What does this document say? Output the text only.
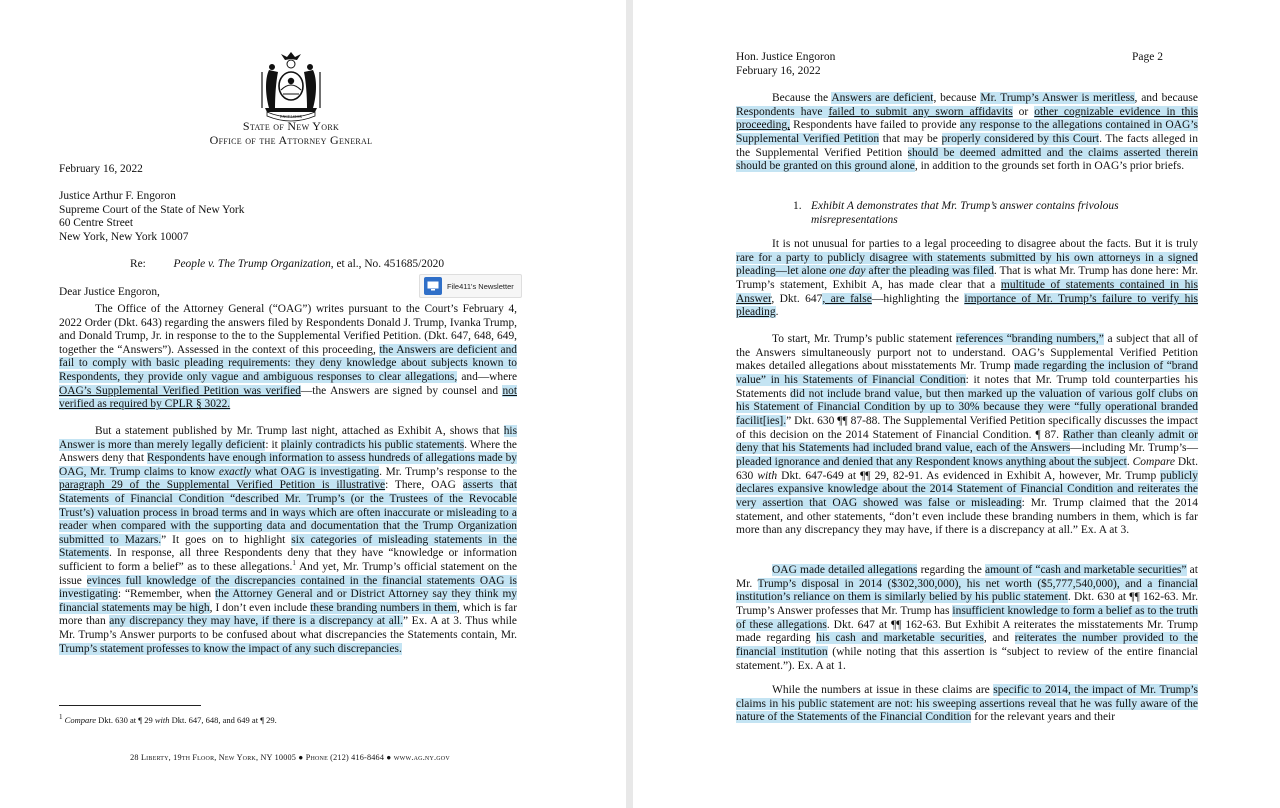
EXCELSIOR
State of New York
Office of the Attorney General
February 16, 2022
Justice Arthur F. Engoron
Supreme Court of the State of New York
60 Centre Street
New York, New York 10007
Re: People v. The Trump Organization, et al., No. 451685/2020
File411's Newsletter
Dear Justice Engoron,
The Office of the Attorney General (“OAG”) writes pursuant to the Court’s February 4, 2022 Order (Dkt. 643) regarding the answers filed by Respondents Donald J. Trump, Ivanka Trump, and Donald Trump, Jr. in response to the to the Supplemental Verified Petition. (Dkt. 647, 648, 649, together the “Answers”). Assessed in the context of this proceeding, the Answers are deficient and fail to comply with basic pleading requirements: they deny knowledge about subjects known to Respondents, they provide only vague and ambiguous responses to clear allegations, and—where OAG’s Supplemental Verified Petition was verified—the Answers are signed by counsel and not verified as required by CPLR § 3022.
But a statement published by Mr. Trump last night, attached as Exhibit A, shows that his Answer is more than merely legally deficient: it plainly contradicts his public statements. Where the Answers deny that Respondents have enough information to assess hundreds of allegations made by OAG, Mr. Trump claims to know exactly what OAG is investigating. Mr. Trump’s response to the paragraph 29 of the Supplemental Verified Petition is illustrative: There, OAG asserts that Statements of Financial Condition “described Mr. Trump’s (or the Trustees of the Revocable Trust’s) valuation process in broad terms and in ways which are often inaccurate or misleading to a reader when compared with the supporting data and documentation that the Trump Organization submitted to Mazars.” It goes on to highlight six categories of misleading statements in the Statements. In response, all three Respondents deny that they have “knowledge or information sufficient to form a belief” as to these allegations.$^1$ And yet, Mr. Trump’s official statement on the issue evinces full knowledge of the discrepancies contained in the financial statements OAG is investigating: “Remember, when the Attorney General and or District Attorney say they think my financial statements may be high, I don’t even include these branding numbers in them, which is far more than any discrepancy they may have, if there is a discrepancy at all.” Ex. A at 3. Thus while Mr. Trump’s Answer purports to be confused about what discrepancies the Statements contain, Mr. Trump’s statement professes to know the impact of any such discrepancies.
$^1$ Compare Dkt. 630 at ¶ 29 with Dkt. 647, 648, and 649 at ¶ 29.
28 Liberty, 19th Floor, New York, NY 10005 ● Phone (212) 416-8464 ● www.ag.ny.gov
Hon. Justice Engoron
February 16, 2022
Page 2
Because the Answers are deficient, because Mr. Trump’s Answer is meritless, and because Respondents have failed to submit any sworn affidavits or other cognizable evidence in this proceeding, Respondents have failed to provide any response to the allegations contained in OAG’s Supplemental Verified Petition that may be properly considered by this Court. The facts alleged in the Supplemental Verified Petition should be deemed admitted and the claims asserted therein should be granted on this ground alone, in addition to the grounds set forth in OAG’s prior briefs.
1. Exhibit A demonstrates that Mr. Trump’s answer contains frivolous misrepresentations
It is not unusual for parties to a legal proceeding to disagree about the facts. But it is truly rare for a party to publicly disagree with statements submitted by his own attorneys in a signed pleading—let alone one day after the pleading was filed. That is what Mr. Trump has done here: Mr. Trump’s statement, Exhibit A, has made clear that a multitude of statements contained in his Answer, Dkt. 647, are false—highlighting the importance of Mr. Trump’s failure to verify his pleading.
To start, Mr. Trump’s public statement references “branding numbers,” a subject that all of the Answers simultaneously purport not to understand. OAG’s Supplemental Verified Petition makes detailed allegations about misstatements Mr. Trump made regarding the inclusion of “brand value” in his Statements of Financial Condition: it notes that Mr. Trump told counterparties his Statements did not include brand value, but then marked up the valuation of various golf clubs on his Statement of Financial Condition by up to 30% because they were “fully operational branded facilit[ies].” Dkt. 630 ¶¶ 87-88. The Supplemental Verified Petition specifically discusses the impact of this decision on the 2014 Statement of Financial Condition. ¶ 87. Rather than cleanly admit or deny that his Statements had included brand value, each of the Answers—including Mr. Trump’s—pleaded ignorance and denied that any Respondent knows anything about the subject. Compare Dkt. 630 with Dkt. 647-649 at ¶¶ 29, 82-91. As evidenced in Exhibit A, however, Mr. Trump publicly declares expansive knowledge about the 2014 Statement of Financial Condition and reiterates the very assertion that OAG showed was false or misleading: Mr. Trump claimed that the 2014 statement, and other statements, “don’t even include these branding numbers in them, which is far more than any discrepancy they may have, if there is a discrepancy at all.” Ex. A at 3.
OAG made detailed allegations regarding the amount of “cash and marketable securities” at Mr. Trump’s disposal in 2014 ($302,300,000), his net worth ($5,777,540,000), and a financial institution’s reliance on them is similarly belied by his public statement. Dkt. 630 at ¶¶ 162-63. Mr. Trump’s Answer professes that Mr. Trump has insufficient knowledge to form a belief as to the truth of these allegations. Dkt. 647 at ¶¶ 162-63. But Exhibit A reiterates the misstatements Mr. Trump made regarding his cash and marketable securities, and reiterates the number provided to the financial institution (while noting that this assertion is “subject to review of the entire financial statement.”). Ex. A at 1.
While the numbers at issue in these claims are specific to 2014, the impact of Mr. Trump’s claims in his public statement are not: his sweeping assertions reveal that he was fully aware of the nature of the Statements of the Financial Condition for the relevant years and their
